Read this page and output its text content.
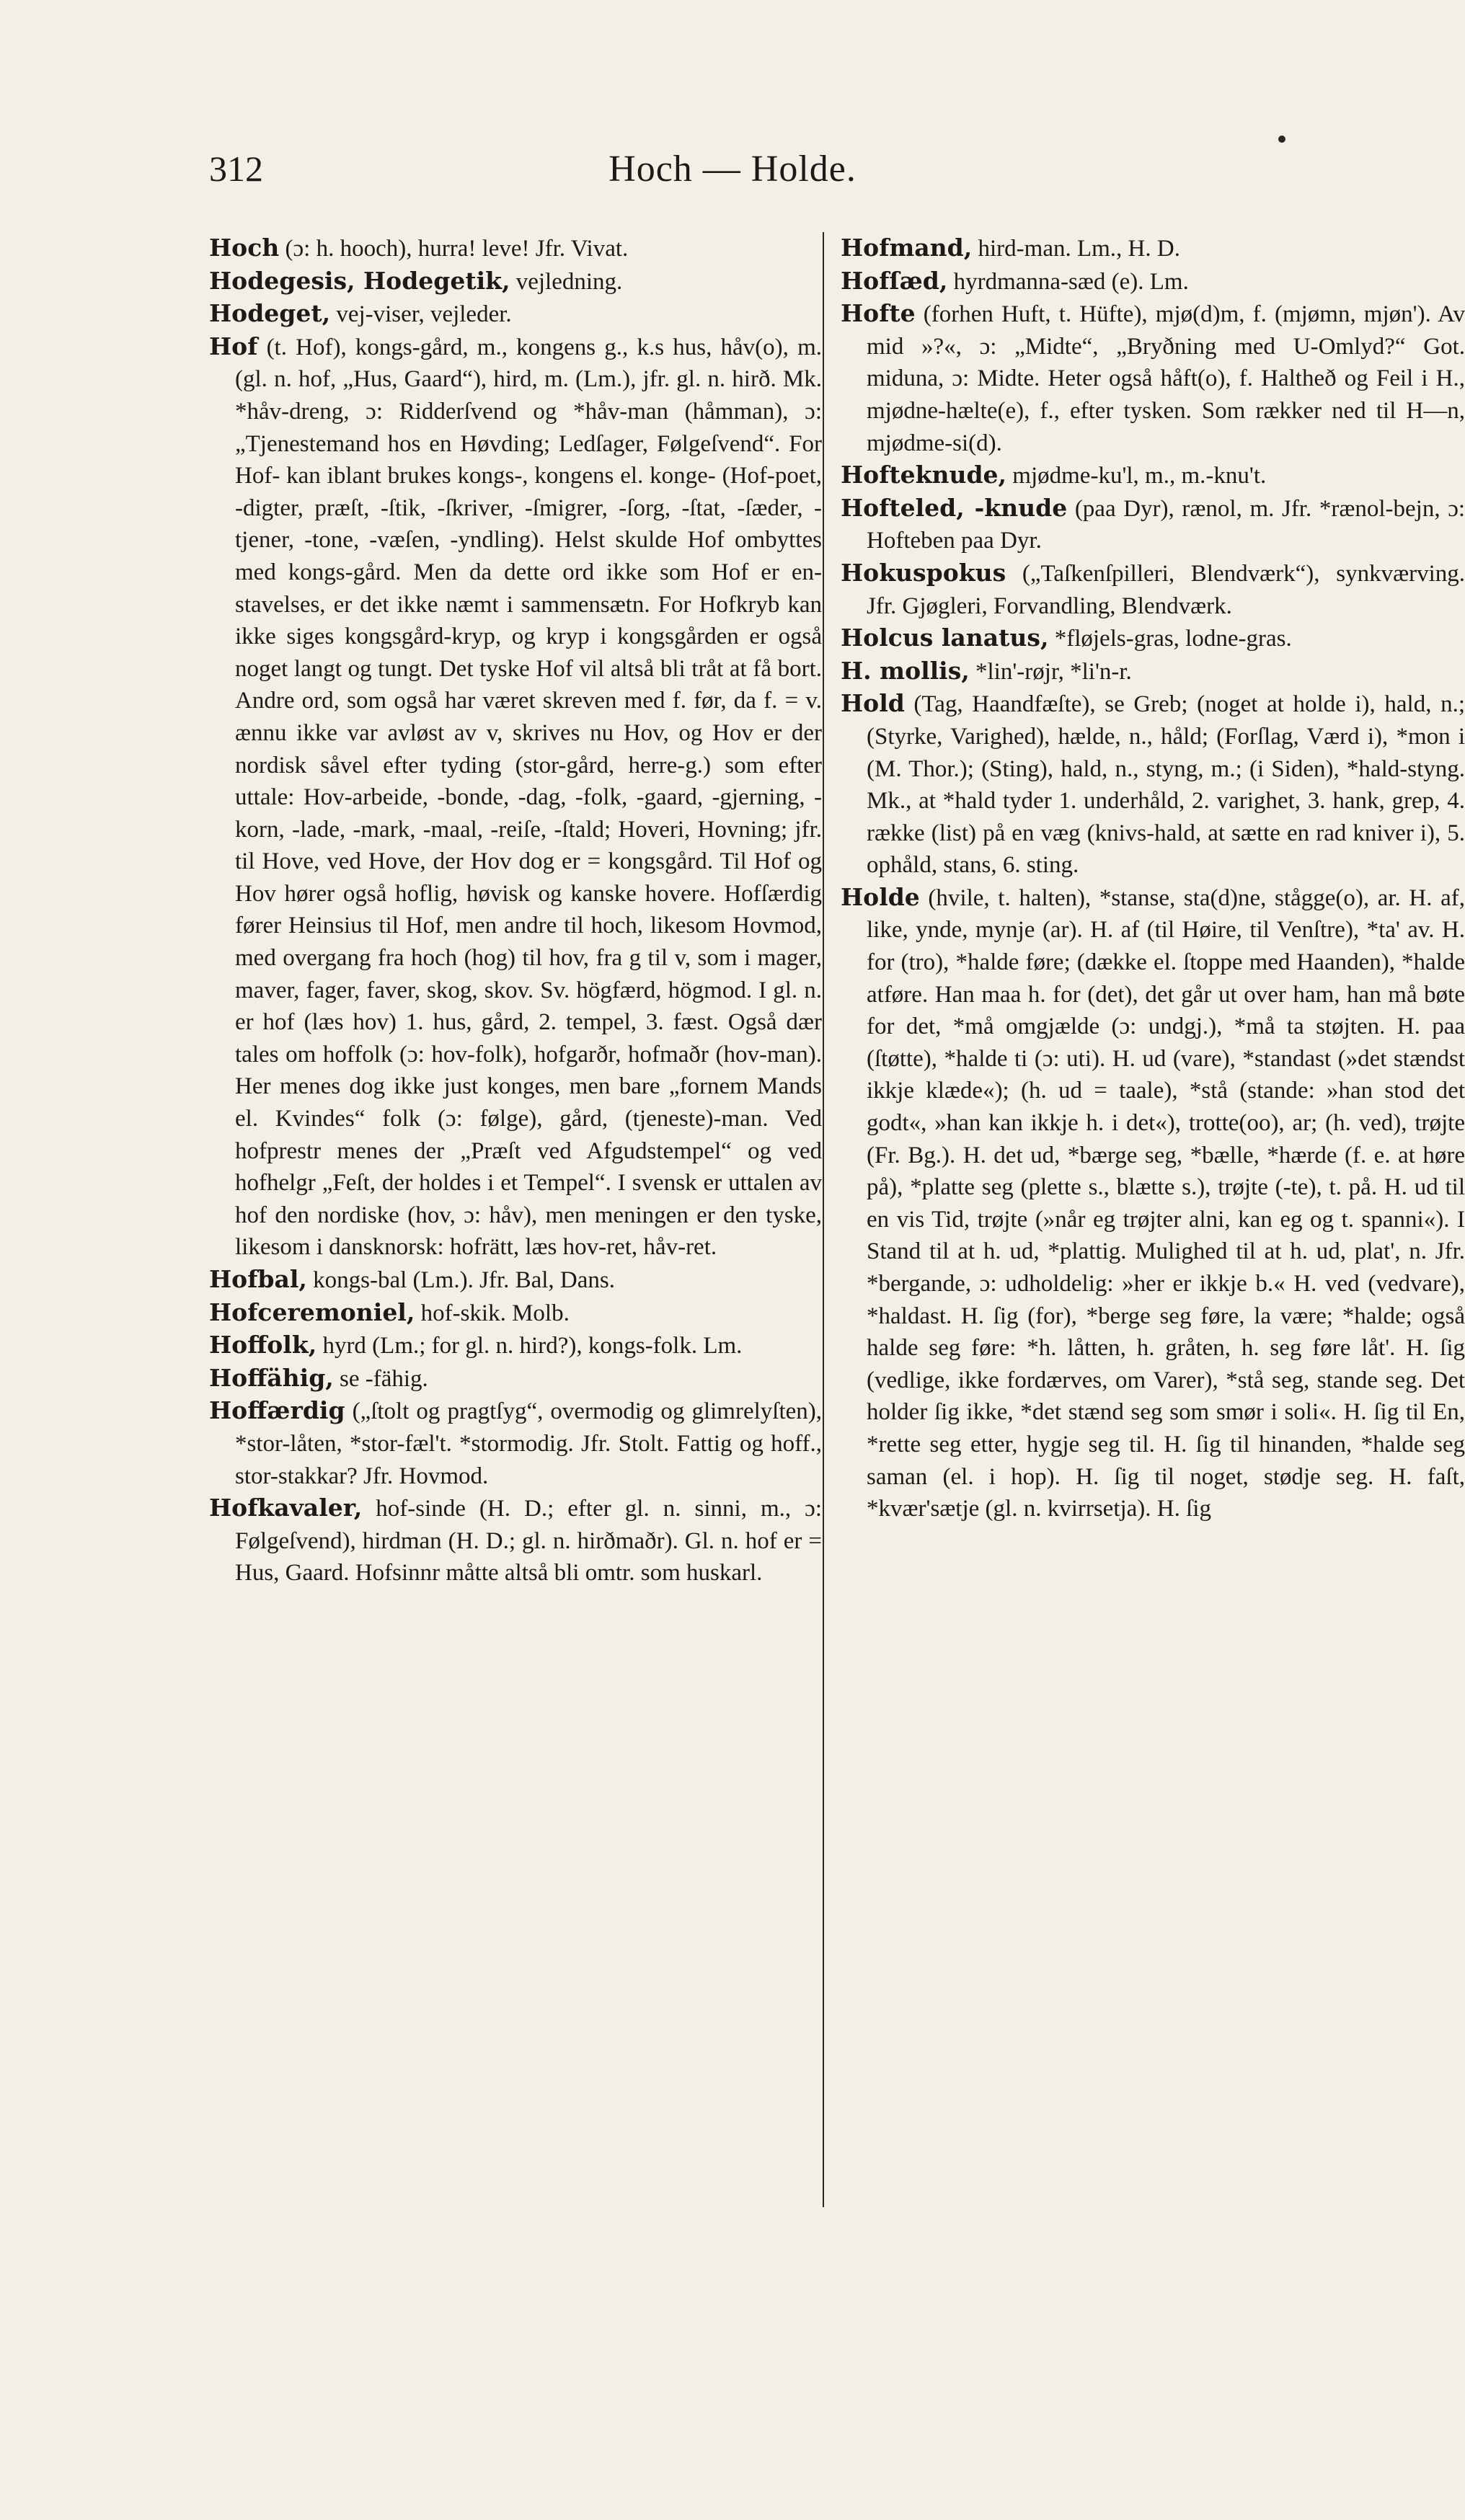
312	Hoch — Holde.

Hoch (ɔ: h. hooch), hurra! leve! Jfr. Vivat.

Hodegesis, Hodegetik, vejledning.

Hodeget, vej-viser, vejleder.

Hof (t. Hof), kongs-gård, m., kongens g., k.s hus, håv(o), m. (gl. n. hof, „Hus, Gaard“), hird, m. (Lm.), jfr. gl. n. hirð. Mk. *håv-dreng, ɔ: Ridderſvend og *håv-man (håmman), ɔ: „Tjenestemand hos en Høvding; Ledſager, Følgeſvend“. For Hof- kan iblant brukes kongs-, kongens el. konge- (Hof-poet, -digter, præſt, -ſtik, -ſkriver, -ſmigrer, -ſorg, -ſtat, -ſæder, -tjener, -tone, -væſen, -yndling). Helst skulde Hof ombyttes med kongs-gård. Men da dette ord ikke som Hof er en-stavelses, er det ikke næmt i sammensætn. For Hofkryb kan ikke siges kongsgård-kryp, og kryp i kongsgården er også noget langt og tungt. Det tyske Hof vil altså bli tråt at få bort. Andre ord, som også har været skreven med f. før, da f. = v. ænnu ikke var avløst av v, skrives nu Hov, og Hov er der nordisk såvel efter tyding (stor-gård, herre-g.) som efter uttale: Hov-arbeide, -bonde, -dag, -folk, -gaard, -gjerning, -korn, -lade, -mark, -maal, -reiſe, -ſtald; Hoveri, Hovning; jfr. til Hove, ved Hove, der Hov dog er = kongsgård. Til Hof og Hov hører også hoflig, høvisk og kanske hovere. Hofſærdig fører Heinsius til Hof, men andre til hoch, likesom Hovmod, med overgang fra hoch (hog) til hov, fra g til v, som i mager, maver, fager, faver, skog, skov. Sv. högfærd, högmod. I gl. n. er hof (læs hov) 1. hus, gård, 2. tempel, 3. fæst. Også dær tales om hoffolk (ɔ: hov-folk), hofgarðr, hofmaðr (hov-man). Her menes dog ikke just konges, men bare „fornem Mands el. Kvindes“ folk (ɔ: følge), gård, (tjeneste)-man. Ved hofprestr menes der „Præſt ved Afgudstempel“ og ved hofhelgr „Feſt, der holdes i et Tempel“. I svensk er uttalen av hof den nordiske (hov, ɔ: håv), men meningen er den tyske, likesom i dansknorsk: hofrätt, læs hov-ret, håv-ret.

Hofbal, kongs-bal (Lm.). Jfr. Bal, Dans.

Hofceremoniel, hof-skik. Molb.

Hoffolk, hyrd (Lm.; for gl. n. hird?), kongs-folk. Lm.

Hoffähig, se -fähig.

Hoffærdig („ſtolt og pragtſyg“, overmodig og glimrelyſten), *stor-låten, *stor-fæl't. *stormodig. Jfr. Stolt. Fattig og hoff., stor-stakkar? Jfr. Hovmod.

Hofkavaler, hof-sinde (H. D.; efter gl. n. sinni, m., ɔ: Følgeſvend), hirdman (H. D.; gl. n. hirðmaðr). Gl. n. hof er = Hus, Gaard. Hofsinnr måtte altså bli omtr. som huskarl.

Hofmand, hird-man. Lm., H. D.

Hofſæd, hyrdmanna-sæd (e). Lm.

Hofte (forhen Huft, t. Hüfte), mjø(d)m, f. (mjømn, mjøn'). Av mid »?«, ɔ: „Midte“, „Bryðning med U-Omlyd?“ Got. miduna, ɔ: Midte. Heter også håft(o), f. Haltheð og Feil i H., mjødne-hælte(e), f., efter tysken. Som rækker ned til H—n, mjødme-si(d).

Hofteknude, mjødme-ku'l, m., m.-knu't.

Hofteled, -knude (paa Dyr), rænol, m. Jfr. *rænol-bejn, ɔ: Hofteben paa Dyr.

Hokuspokus („Taſkenſpilleri, Blendværk“), synkværving. Jfr. Gjøgleri, Forvandling, Blendværk.

Holcus lanatus, *fløjels-gras, lodne-gras.

H. mollis, *lin'-røjr, *li'n-r.

Hold (Tag, Haandfæſte), se Greb; (noget at holde i), hald, n.; (Styrke, Varighed), hælde, n., håld; (Forſlag, Værd i), *mon i (M. Thor.); (Sting), hald, n., styng, m.; (i Siden), *hald-styng. Mk., at *hald tyder 1. underhåld, 2. varighet, 3. hank, grep, 4. række (list) på en væg (knivs-hald, at sætte en rad kniver i), 5. ophåld, stans, 6. sting.

Holde (hvile, t. halten), *stanse, sta(d)ne, stågge(o), ar. H. af, like, ynde, mynje (ar). H. af (til Høire, til Venſtre), *ta' av. H. for (tro), *halde føre; (dække el. ſtoppe med Haanden), *halde atføre. Han maa h. for (det), det går ut over ham, han må bøte for det, *må omgjælde (ɔ: undgj.), *må ta støjten. H. paa (ſtøtte), *halde ti (ɔ: uti). H. ud (vare), *standast (»det stændst ikkje klæde«); (h. ud = taale), *stå (stande: »han stod det godt«, »han kan ikkje h. i det«), trotte(oo), ar; (h. ved), trøjte (Fr. Bg.). H. det ud, *bærge seg, *bælle, *hærde (f. e. at høre på), *platte seg (plette s., blætte s.), trøjte (-te), t. på. H. ud til en vis Tid, trøjte (»når eg trøjter alni, kan eg og t. spanni«). I Stand til at h. ud, *plattig. Mulighed til at h. ud, plat', n. Jfr. *bergande, ɔ: udholdelig: »her er ikkje b.« H. ved (vedvare), *haldast. H. ſig (for), *berge seg føre, la være; *halde; også halde seg føre: *h. låtten, h. gråten, h. seg føre låt'. H. ſig (vedlige, ikke fordærves, om Varer), *stå seg, stande seg. Det holder ſig ikke, *det stænd seg som smør i soli«. H. ſig til En, *rette seg etter, hygje seg til. H. ſig til hinanden, *halde seg saman (el. i hop). H. ſig til noget, stødje seg. H. faſt, *kvær'sætje (gl. n. kvirrsetja). H. ſig
